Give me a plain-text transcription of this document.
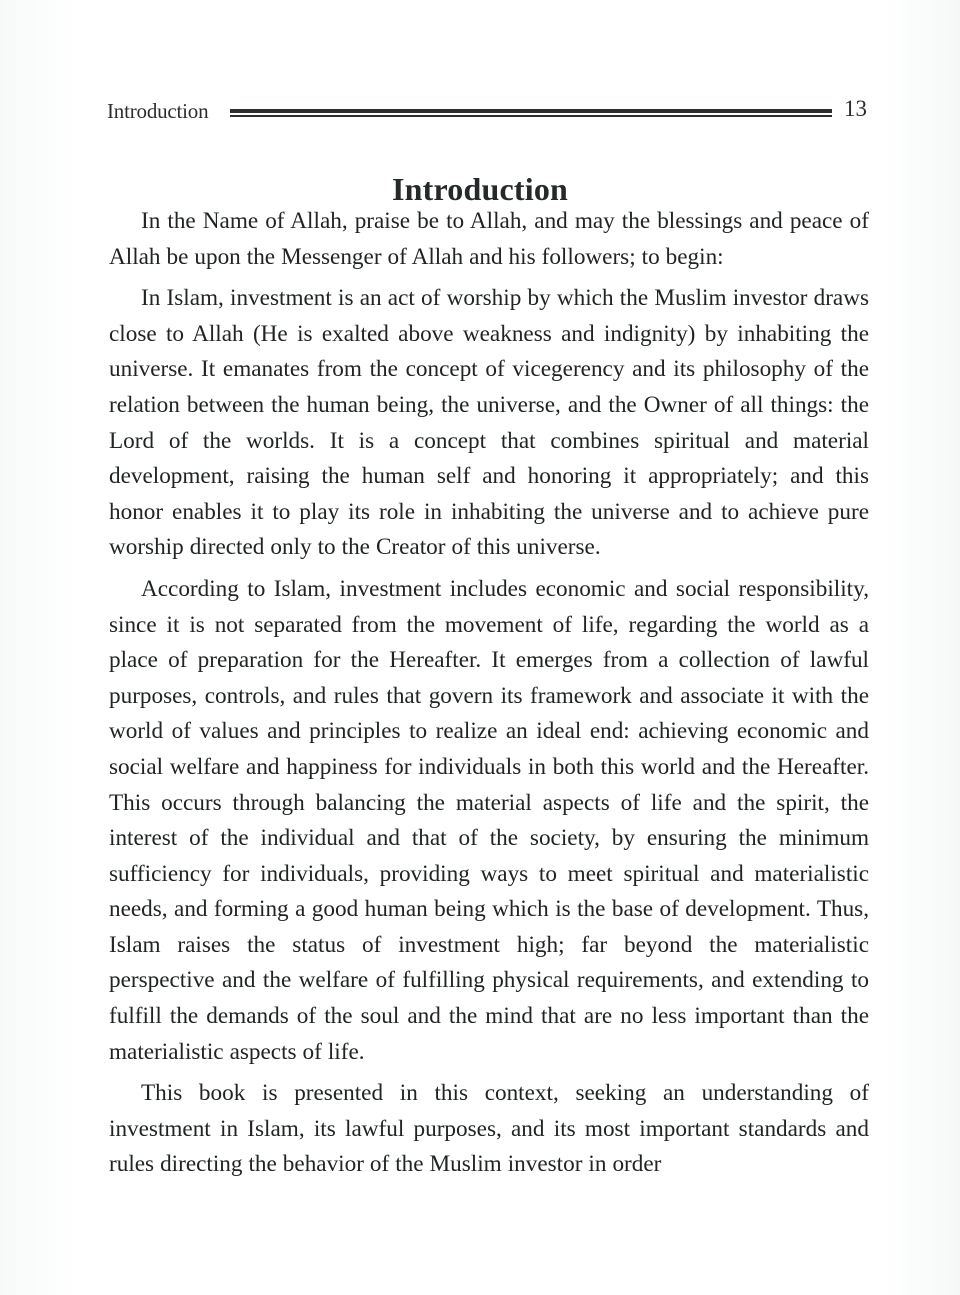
Introduction	13
Introduction

In the Name of Allah, praise be to Allah, and may the blessings and peace of Allah be upon the Messenger of Allah and his followers; to begin:

In Islam, investment is an act of worship by which the Muslim investor draws close to Allah (He is exalted above weakness and indignity) by inhabiting the universe. It emanates from the concept of vicegerency and its philosophy of the relation between the human being, the universe, and the Owner of all things: the Lord of the worlds. It is a concept that combines spiritual and material development, raising the human self and honoring it appropriately; and this honor enables it to play its role in inhabiting the universe and to achieve pure worship directed only to the Creator of this universe.

According to Islam, investment includes economic and social responsibility, since it is not separated from the movement of life, regarding the world as a place of preparation for the Hereafter. It emerges from a collection of lawful purposes, controls, and rules that govern its framework and associate it with the world of values and principles to realize an ideal end: achieving economic and social welfare and happiness for individuals in both this world and the Hereafter. This occurs through balancing the material aspects of life and the spirit, the interest of the individual and that of the society, by ensuring the minimum sufficiency for individuals, providing ways to meet spiritual and materialistic needs, and forming a good human being which is the base of development. Thus, Islam raises the status of investment high; far beyond the materialistic perspective and the welfare of fulfilling physical requirements, and extending to fulfill the demands of the soul and the mind that are no less important than the materialistic aspects of life.

This book is presented in this context, seeking an understanding of investment in Islam, its lawful purposes, and its most important standards and rules directing the behavior of the Muslim investor in order
